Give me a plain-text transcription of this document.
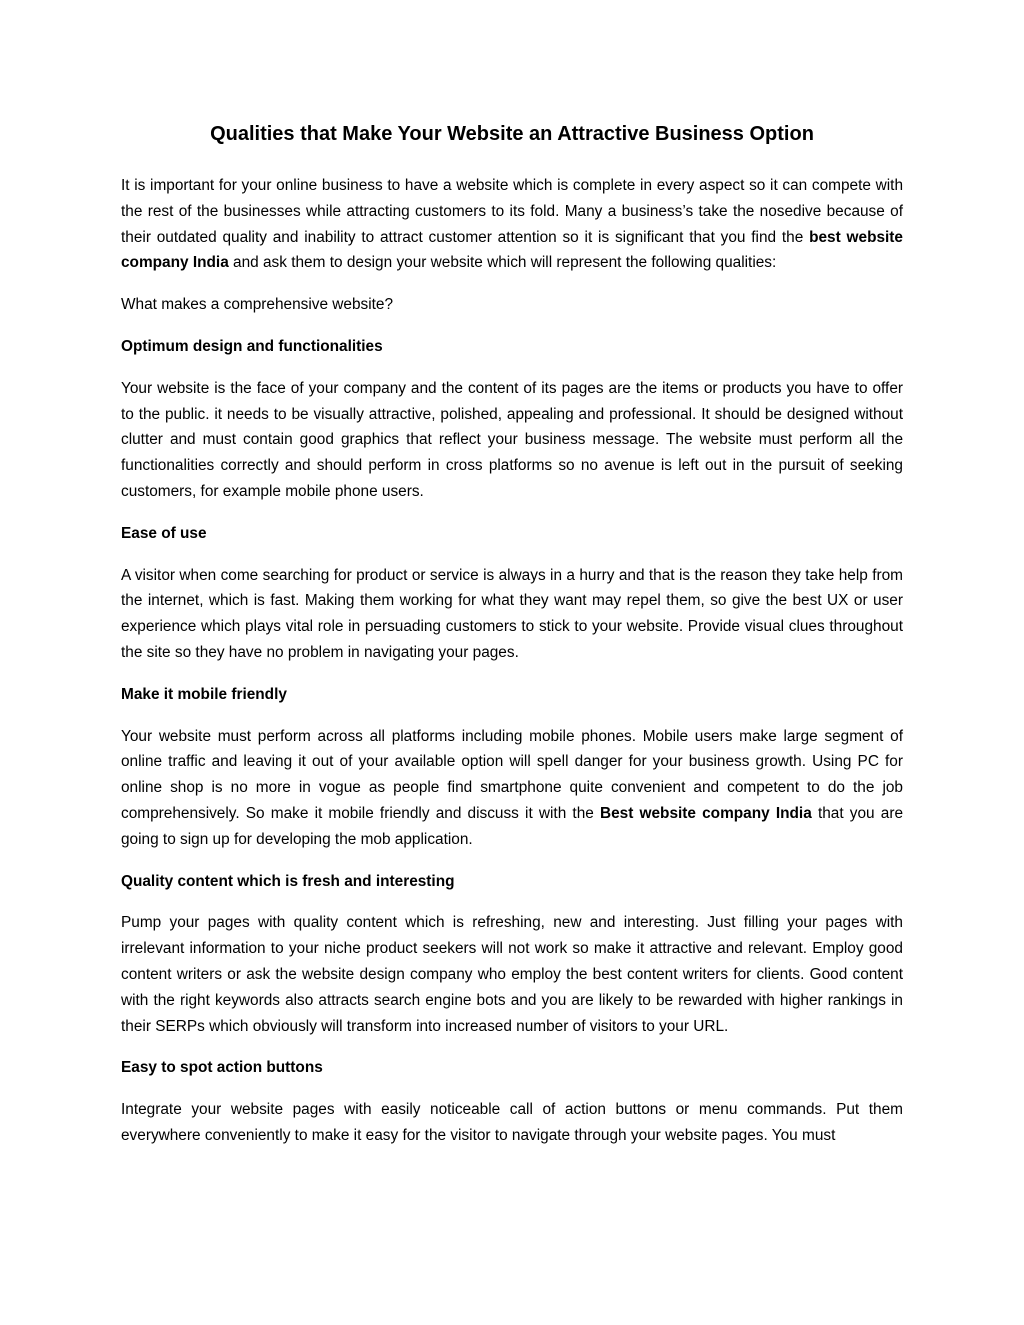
Qualities that Make Your Website an Attractive Business Option

It is important for your online business to have a website which is complete in every aspect so it can compete with the rest of the businesses while attracting customers to its fold. Many a business’s take the nosedive because of their outdated quality and inability to attract customer attention so it is significant that you find the best website company India and ask them to design your website which will represent the following qualities:

What makes a comprehensive website?

Optimum design and functionalities

Your website is the face of your company and the content of its pages are the items or products you have to offer to the public. it needs to be visually attractive, polished, appealing and professional. It should be designed without clutter and must contain good graphics that reflect your business message. The website must perform all the functionalities correctly and should perform in cross platforms so no avenue is left out in the pursuit of seeking customers, for example mobile phone users.

Ease of use

A visitor when come searching for product or service is always in a hurry and that is the reason they take help from the internet, which is fast. Making them working for what they want may repel them, so give the best UX or user experience which plays vital role in persuading customers to stick to your website. Provide visual clues throughout the site so they have no problem in navigating your pages.

Make it mobile friendly

Your website must perform across all platforms including mobile phones. Mobile users make large segment of online traffic and leaving it out of your available option will spell danger for your business growth. Using PC for online shop is no more in vogue as people find smartphone quite convenient and competent to do the job comprehensively. So make it mobile friendly and discuss it with the Best website company India that you are going to sign up for developing the mob application.

Quality content which is fresh and interesting

Pump your pages with quality content which is refreshing, new and interesting. Just filling your pages with irrelevant information to your niche product seekers will not work so make it attractive and relevant. Employ good content writers or ask the website design company who employ the best content writers for clients. Good content with the right keywords also attracts search engine bots and you are likely to be rewarded with higher rankings in their SERPs which obviously will transform into increased number of visitors to your URL.

Easy to spot action buttons

Integrate your website pages with easily noticeable call of action buttons or menu commands. Put them everywhere conveniently to make it easy for the visitor to navigate through your website pages. You must
